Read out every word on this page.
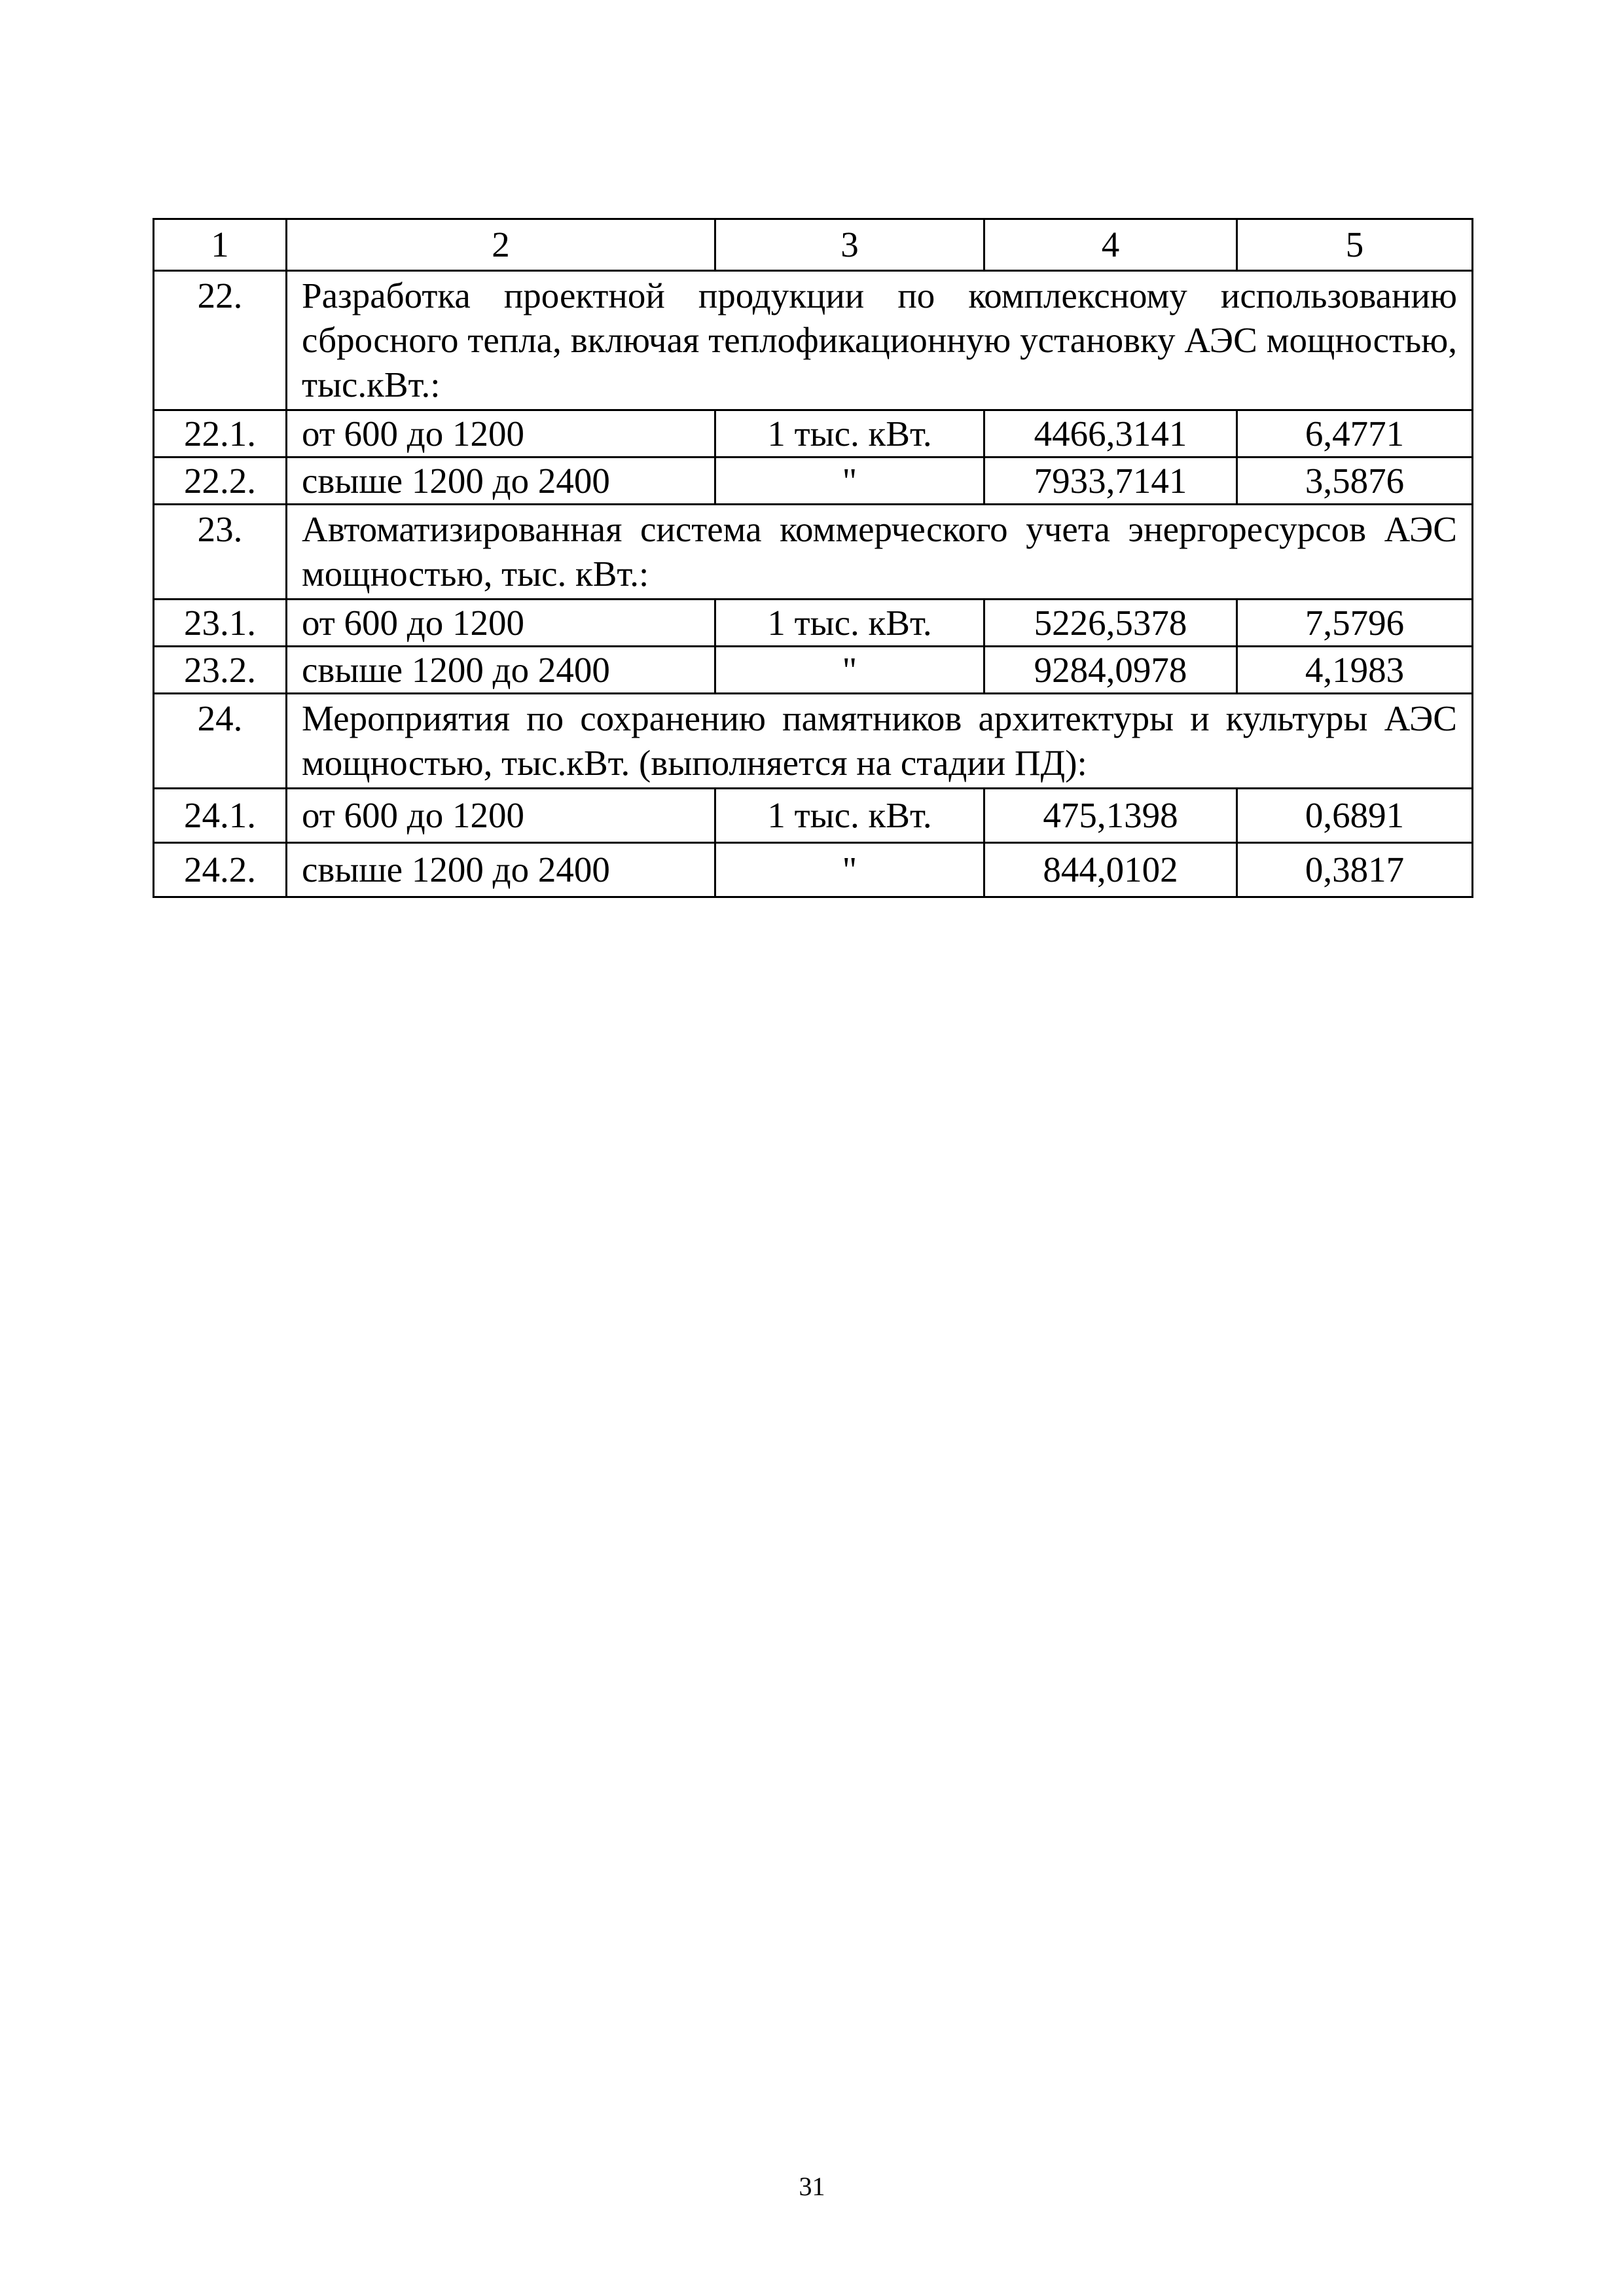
1	2	3	4	5
22.	Разработка проектной продукции по комплексному использованию сбросного тепла, включая теплофикационную установку АЭС мощностью, тыс.кВт.:			
22.1.	от 600 до 1200	1 тыс. кВт.	4466,3141	6,4771
22.2.	свыше 1200 до 2400	"	7933,7141	3,5876
23.	Автоматизированная система коммерческого учета энергоресурсов АЭС мощностью, тыс. кВт.:			
23.1.	от 600 до 1200	1 тыс. кВт.	5226,5378	7,5796
23.2.	свыше 1200 до 2400	"	9284,0978	4,1983
24.	Мероприятия по сохранению памятников архитектуры и культуры АЭС мощностью, тыс.кВт. (выполняется на стадии ПД):			
24.1.	от 600 до 1200	1 тыс. кВт.	475,1398	0,6891
24.2.	свыше 1200 до 2400	"	844,0102	0,3817
31
